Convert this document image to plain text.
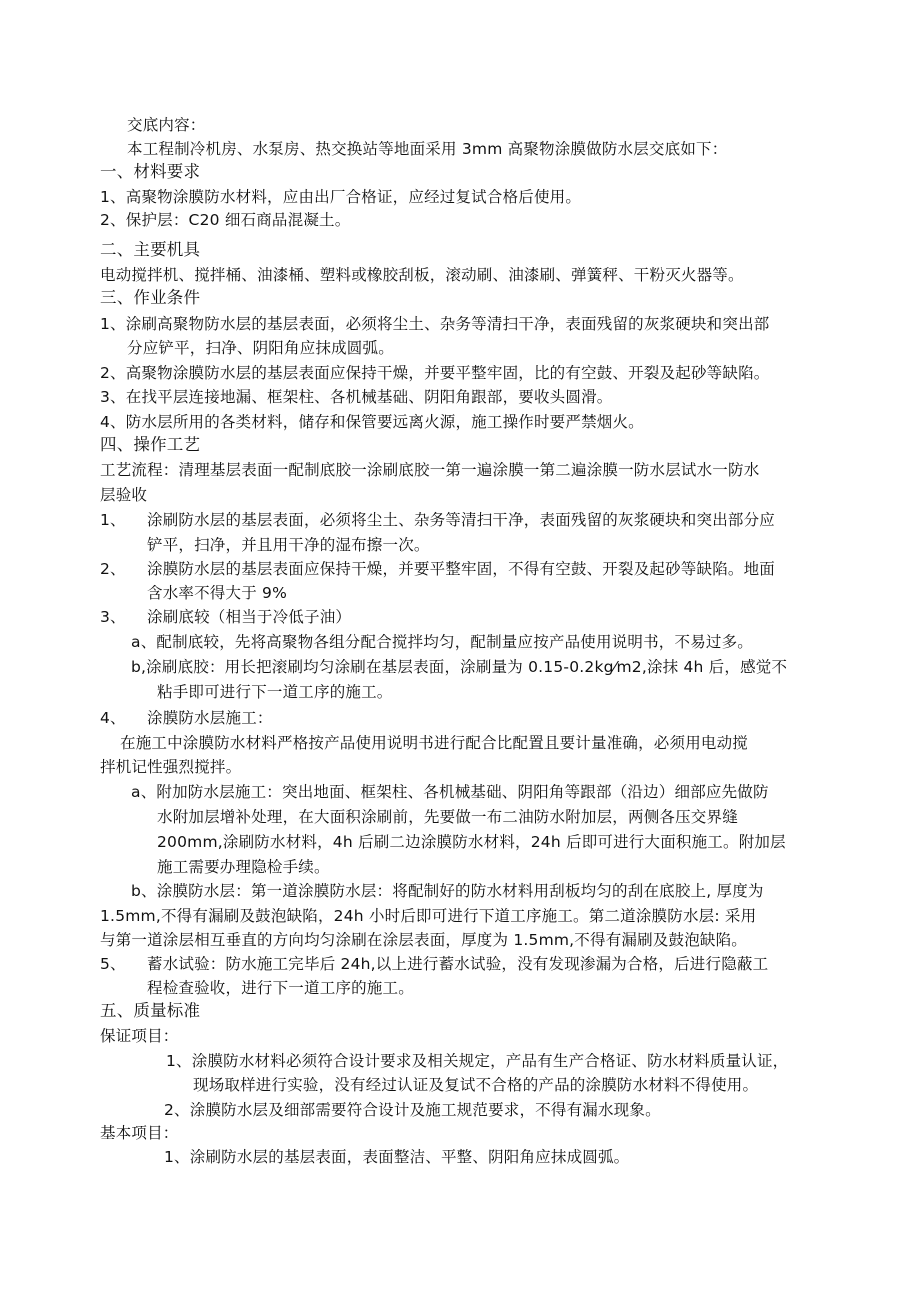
交底内容：
本工程制冷机房、水泵房、热交换站等地面采用 3mm 高聚物涂膜做防水层交底如下：
一、材料要求
1、高聚物涂膜防水材料，应由出厂合格证，应经过复试合格后使用。
2、保护层：C20 细石商品混凝土。
二、主要机具
电动搅拌机、搅拌桶、油漆桶、塑料或橡胶刮板，滚动刷、油漆刷、弹簧秤、干粉灭火器等。
三、作业条件
1、涂刷高聚物防水层的基层表面，必须将尘土、杂务等清扫干净，表面残留的灰浆硬块和突出部
分应铲平，扫净、阴阳角应抹成圆弧。
2、高聚物涂膜防水层的基层表面应保持干燥，并要平整牢固，比的有空鼓、开裂及起砂等缺陷。
3、在找平层连接地漏、框架柱、各机械基础、阴阳角跟部，要收头圆滑。
4、防水层所用的各类材料，储存和保管要远离火源，施工操作时要严禁烟火。
四、操作工艺
工艺流程：清理基层表面一配制底胶一涂刷底胶一第一遍涂膜一第二遍涂膜一防水层试水一防水
层验收
1、 涂刷防水层的基层表面，必须将尘土、杂务等清扫干净，表面残留的灰浆硬块和突出部分应
铲平，扫净，并且用干净的湿布擦一次。
2、 涂膜防水层的基层表面应保持干燥，并要平整牢固，不得有空鼓、开裂及起砂等缺陷。地面
含水率不得大于 9%
3、 涂刷底较（相当于冷低子油）
a、配制底较，先将高聚物各组分配合搅拌均匀，配制量应按产品使用说明书，不易过多。
b,涂刷底胶：用长把滚刷均匀涂刷在基层表面，涂刷量为 0.15-0.2kg⁄m2,涂抹 4h 后，感觉不
粘手即可进行下一道工序的施工。
4、 涂膜防水层施工：
在施工中涂膜防水材料严格按产品使用说明书进行配合比配置且要计量准确，必须用电动搅
拌机记性强烈搅拌。
a、附加防水层施工：突出地面、框架柱、各机械基础、阴阳角等跟部（沿边）细部应先做防
水附加层增补处理，在大面积涂刷前，先要做一布二油防水附加层，两侧各压交界缝
200mm,涂刷防水材料，4h 后刷二边涂膜防水材料，24h 后即可进行大面积施工。附加层
施工需要办理隐检手续。
b、涂膜防水层：第一道涂膜防水层：将配制好的防水材料用刮板均匀的刮在底胶上, 厚度为
1.5mm,不得有漏刷及鼓泡缺陷，24h 小时后即可进行下道工序施工。第二道涂膜防水层: 采用
与第一道涂层相互垂直的方向均匀涂刷在涂层表面，厚度为 1.5mm,不得有漏刷及鼓泡缺陷。
5、 蓄水试验：防水施工完毕后 24h,以上进行蓄水试验，没有发现渗漏为合格，后进行隐蔽工
程检查验收，进行下一道工序的施工。
五、质量标准
保证项目：
1、涂膜防水材料必须符合设计要求及相关规定，产品有生产合格证、防水材料质量认证，
现场取样进行实验，没有经过认证及复试不合格的产品的涂膜防水材料不得使用。
2、涂膜防水层及细部需要符合设计及施工规范要求，不得有漏水现象。
基本项目：
1、涂刷防水层的基层表面，表面整洁、平整、阴阳角应抹成圆弧。
